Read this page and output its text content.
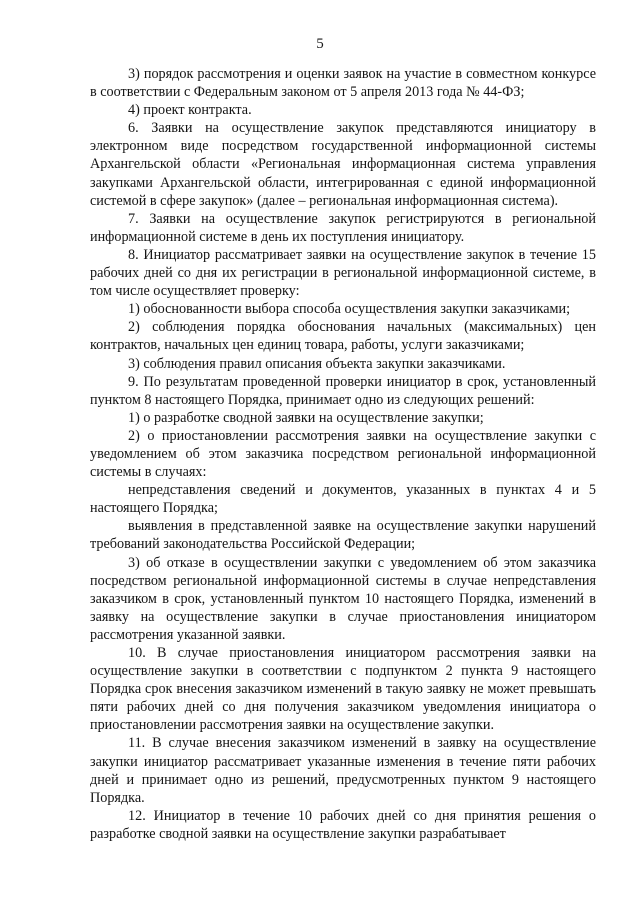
5

3) порядок рассмотрения и оценки заявок на участие в совместном конкурсе в соответствии с Федеральным законом от 5 апреля 2013 года № 44-ФЗ;

4) проект контракта.

6. Заявки на осуществление закупок представляются инициатору в электронном виде посредством государственной информационной системы Архангельской области «Региональная информационная система управления закупками Архангельской области, интегрированная с единой информационной системой в сфере закупок» (далее – региональная информационная система).

7. Заявки на осуществление закупок регистрируются в региональной информационной системе в день их поступления инициатору.

8. Инициатор рассматривает заявки на осуществление закупок в течение 15 рабочих дней со дня их регистрации в региональной информационной системе, в том числе осуществляет проверку:

1) обоснованности выбора способа осуществления закупки заказчиками;

2) соблюдения порядка обоснования начальных (максимальных) цен контрактов, начальных цен единиц товара, работы, услуги заказчиками;

3) соблюдения правил описания объекта закупки заказчиками.

9. По результатам проведенной проверки инициатор в срок, установленный пунктом 8 настоящего Порядка, принимает одно из следующих решений:

1) о разработке сводной заявки на осуществление закупки;

2) о приостановлении рассмотрения заявки на осуществление закупки с уведомлением об этом заказчика посредством региональной информационной системы в случаях:

непредставления сведений и документов, указанных в пунктах 4 и 5 настоящего Порядка;

выявления в представленной заявке на осуществление закупки нарушений требований законодательства Российской Федерации;

3) об отказе в осуществлении закупки с уведомлением об этом заказчика посредством региональной информационной системы в случае непредставления заказчиком в срок, установленный пунктом 10 настоящего Порядка, изменений в заявку на осуществление закупки в случае приостановления инициатором рассмотрения указанной заявки.

10. В случае приостановления инициатором рассмотрения заявки на осуществление закупки в соответствии с подпунктом 2 пункта 9 настоящего Порядка срок внесения заказчиком изменений в такую заявку не может превышать пяти рабочих дней со дня получения заказчиком уведомления инициатора о приостановлении рассмотрения заявки на осуществление закупки.

11. В случае внесения заказчиком изменений в заявку на осуществление закупки инициатор рассматривает указанные изменения в течение пяти рабочих дней и принимает одно из решений, предусмотренных пунктом 9 настоящего Порядка.

12. Инициатор в течение 10 рабочих дней со дня принятия решения о разработке сводной заявки на осуществление закупки разрабатывает
